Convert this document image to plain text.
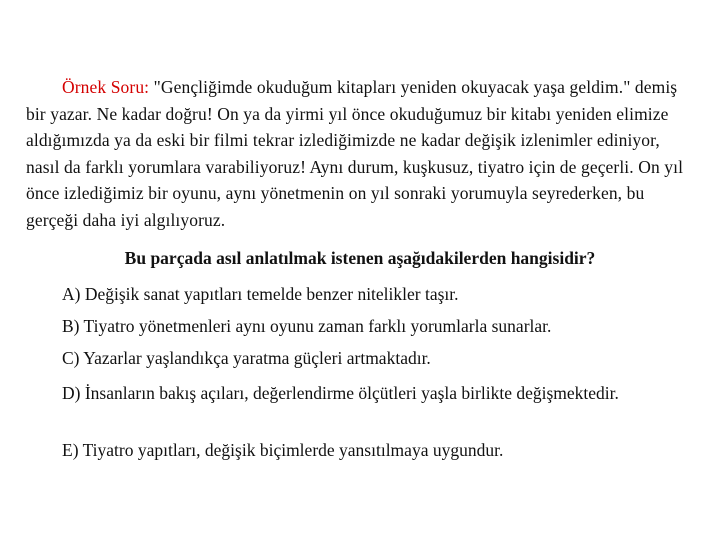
Örnek Soru: "Gençliğimde okuduğum kitapları yeniden okuyacak yaşa geldim." demiş bir yazar. Ne kadar doğru! On ya da yirmi yıl önce okuduğumuz bir kitabı yeniden elimize aldığımızda ya da eski bir filmi tekrar izlediğimizde ne kadar değişik izlenimler ediniyor, nasıl da farklı yorumlara varabiliyoruz! Aynı durum, kuşkusuz, tiyatro için de geçerli. On yıl önce izlediğimiz bir oyunu, aynı yönetmenin on yıl sonraki yorumuyla seyrederken, bu gerçeği daha iyi algılıyoruz.

Bu parçada asıl anlatılmak istenen aşağıdakilerden hangisidir?

A) Değişik sanat yapıtları temelde benzer nitelikler taşır.

B) Tiyatro yönetmenleri aynı oyunu zaman farklı yorumlarla sunarlar.

C) Yazarlar yaşlandıkça yaratma güçleri artmaktadır.

D) İnsanların bakış açıları, değerlendirme ölçütleri yaşla birlikte değişmektedir.

E) Tiyatro yapıtları, değişik biçimlerde yansıtılmaya uygundur.
